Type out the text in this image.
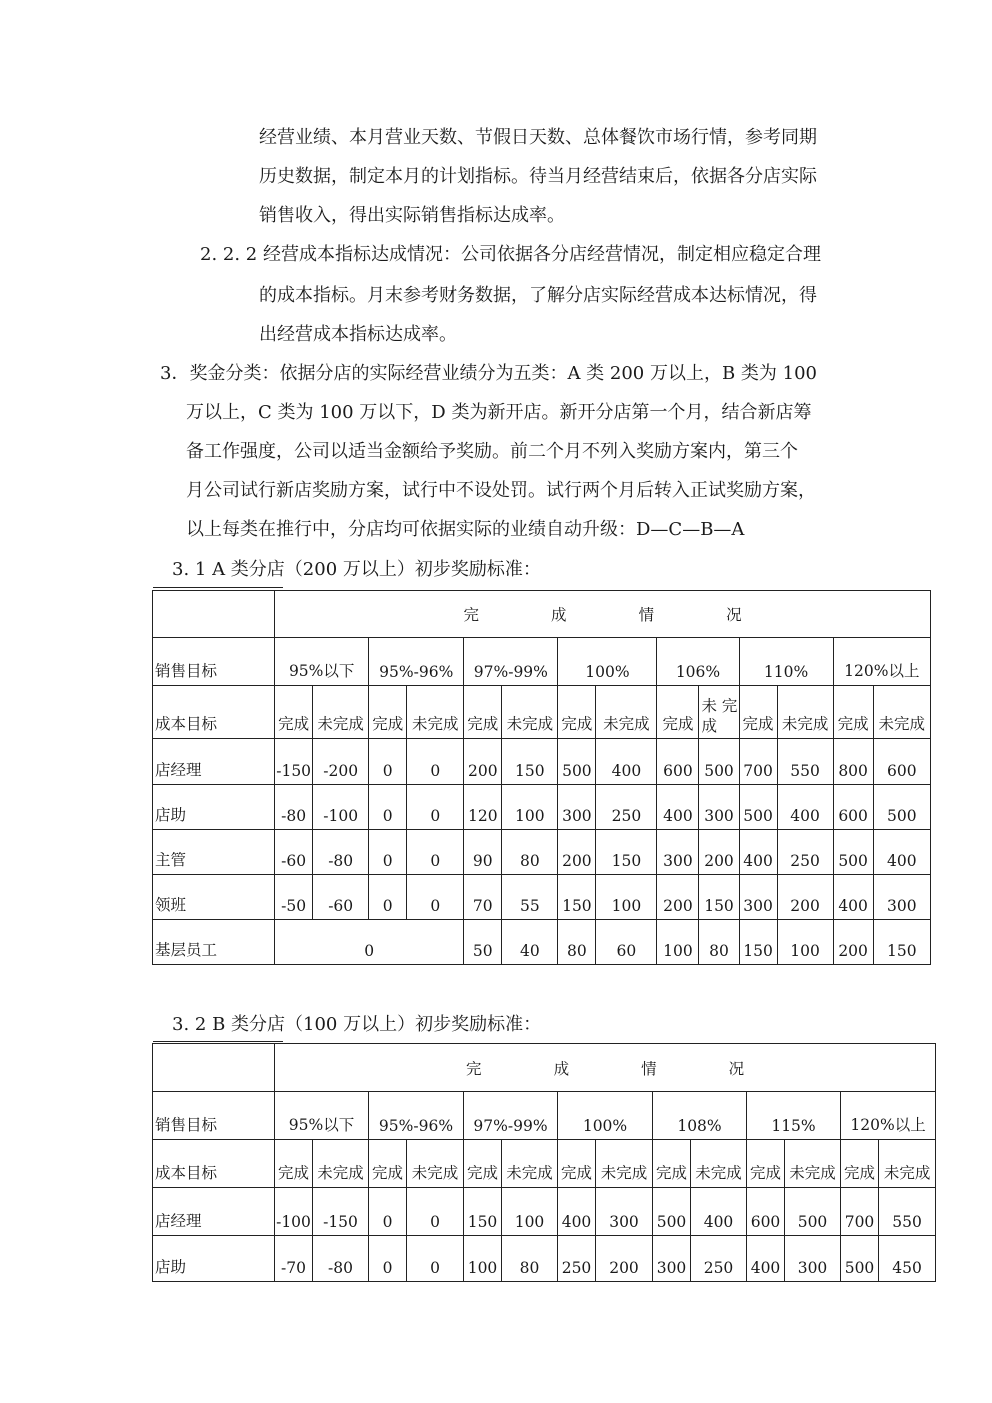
经营业绩、本月营业天数、节假日天数、总体餐饮市场行情，参考同期
历史数据，制定本月的计划指标。待当月经营结束后，依据各分店实际
销售收入，得出实际销售指标达成率。
2. 2. 2 经营成本指标达成情况：公司依据各分店经营情况，制定相应稳定合理
的成本指标。月末参考财务数据，了解分店实际经营成本达标情况，得
出经营成本指标达成率。
3．奖金分类：依据分店的实际经营业绩分为五类：A 类 200 万以上，B 类为 100
万以上，C 类为 100 万以下，D 类为新开店。新开分店第一个月，结合新店筹
备工作强度，公司以适当金额给予奖励。前二个月不列入奖励方案内，第三个
月公司试行新店奖励方案，试行中不设处罚。试行两个月后转入正试奖励方案，
以上每类在推行中，分店均可依据实际的业绩自动升级：D—C—B—A
3. 1 A 类分店（200 万以上）初步奖励标准：

	完 成 情 况													

销售目标	95%以下		95%-96%		97%-99%		100%		106%		110%		120%以上	
成本目标	完成	未完成	完成	未完成	完成	未完成	完成	未完成	完成	未 完 成	完成	未完成	完成	未完成
店经理	-150	-200	0	0	200	150	500	400	600	500	700	550	800	600
店助	-80	-100	0	0	120	100	300	250	400	300	500	400	600	500
主管	-60	-80	0	0	90	80	200	150	300	200	400	250	500	400
领班	-50	-60	0	0	70	55	150	100	200	150	300	200	400	300
基层员工	0				50	40	80	60	100	80	150	100	200	150
3. 2 B 类分店（100 万以上）初步奖励标准：

	完 成 情 况													

销售目标	95%以下		95%-96%		97%-99%		100%		108%		115%		120%以上	
成本目标	完成	未完成	完成	未完成	完成	未完成	完成	未完成	完成	未完成	完成	未完成	完成	未完成
店经理	-100	-150	0	0	150	100	400	300	500	400	600	500	700	550
店助	-70	-80	0	0	100	80	250	200	300	250	400	300	500	450
